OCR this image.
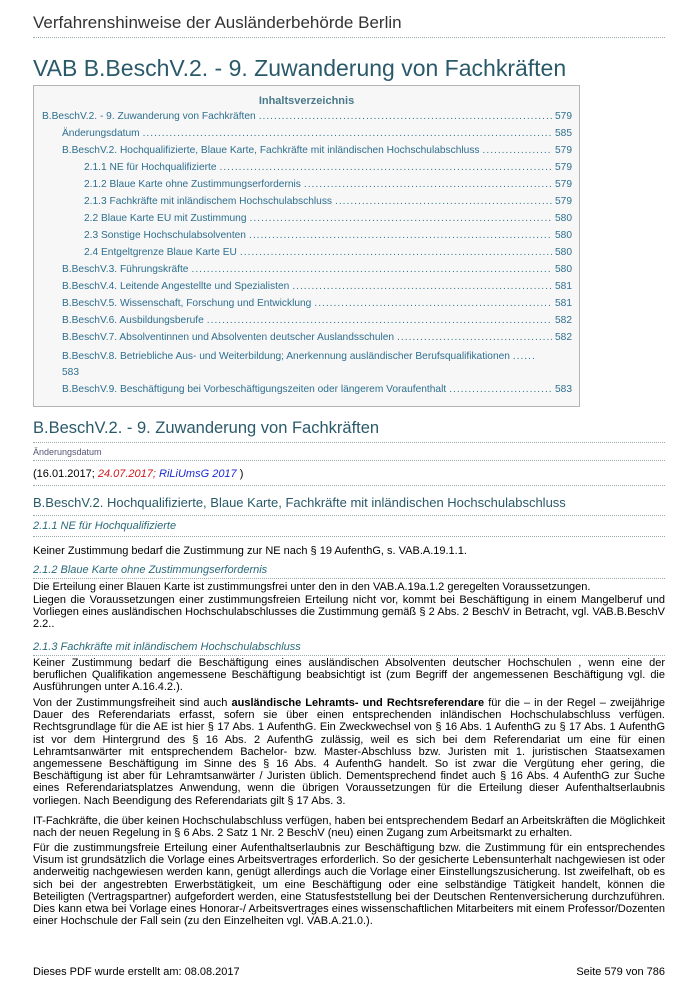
Verfahrenshinweise der Ausländerbehörde Berlin
VAB B.BeschV.2. - 9. Zuwanderung von Fachkräften
Inhaltsverzeichnis
B.BeschV.2. - 9. Zuwanderung von Fachkräften .....	579
Änderungsdatum .....	585
B.BeschV.2. Hochqualifizierte, Blaue Karte, Fachkräfte mit inländischen Hochschulabschluss .....	579
2.1.1 NE für Hochqualifizierte .....	579
2.1.2 Blaue Karte ohne Zustimmungserfordernis .....	579
2.1.3 Fachkräfte mit inländischem Hochschulabschluss .....	579
2.2 Blaue Karte EU mit Zustimmung .....	580
2.3 Sonstige Hochschulabsolventen .....	580
2.4 Entgeltgrenze Blaue Karte EU .....	580
B.BeschV.3. Führungskräfte .....	580
B.BeschV.4. Leitende Angestellte und Spezialisten .....	581
B.BeschV.5. Wissenschaft, Forschung und Entwicklung .....	581
B.BeschV.6. Ausbildungsberufe .....	582
B.BeschV.7. Absolventinnen und Absolventen deutscher Auslandsschulen .....	582
B.BeschV.8. Betriebliche Aus- und Weiterbildung; Anerkennung ausländischer Berufsqualifikationen ......
583
B.BeschV.9. Beschäftigung bei Vorbeschäftigungszeiten oder längerem Voraufenthalt .....	583
B.BeschV.2. - 9. Zuwanderung von Fachkräften
Änderungsdatum
(16.01.2017; 24.07.2017; RiLiUmsG 2017 )
B.BeschV.2. Hochqualifizierte, Blaue Karte, Fachkräfte mit inländischen Hochschulabschluss
2.1.1 NE für Hochqualifizierte
Keiner Zustimmung bedarf die Zustimmung zur NE nach § 19 AufenthG, s. VAB.A.19.1.1.
2.1.2 Blaue Karte ohne Zustimmungserfordernis
Die Erteilung einer Blauen Karte ist zustimmungsfrei unter den in den VAB.A.19a.1.2 geregelten Voraussetzungen.
Liegen die Voraussetzungen einer zustimmungsfreien Erteilung nicht vor, kommt bei Beschäftigung in einem Mangelberuf und Vorliegen eines ausländischen Hochschulabschlusses die Zustimmung gemäß § 2 Abs. 2 BeschV in Betracht, vgl. VAB.B.BeschV 2.2..
2.1.3 Fachkräfte mit inländischem Hochschulabschluss
Keiner Zustimmung bedarf die Beschäftigung eines ausländischen Absolventen deutscher Hochschulen , wenn eine der beruflichen Qualifikation angemessene Beschäftigung beabsichtigt ist (zum Begriff der angemessenen Beschäftigung vgl. die Ausführungen unter A.16.4.2.).
Von der Zustimmungsfreiheit sind auch ausländische Lehramts- und Rechtsreferendare für die – in der Regel – zweijährige Dauer des Referendariats erfasst, sofern sie über einen entsprechenden inländischen Hochschulabschluss verfügen. Rechtsgrundlage für die AE ist hier § 17 Abs. 1 AufenthG. Ein Zweckwechsel von § 16 Abs. 1 AufenthG zu § 17 Abs. 1 AufenthG ist vor dem Hintergrund des § 16 Abs. 2 AufenthG zulässig, weil es sich bei dem Referendariat um eine für einen Lehramtsanwärter mit entsprechendem Bachelor- bzw. Master-Abschluss bzw. Juristen mit 1. juristischen Staatsexamen angemessene Beschäftigung im Sinne des § 16 Abs. 4 AufenthG handelt. So ist zwar die Vergütung eher gering, die Beschäftigung ist aber für Lehramtsanwärter / Juristen üblich. Dementsprechend findet auch § 16 Abs. 4 AufenthG zur Suche eines Referendariatsplatzes Anwendung, wenn die übrigen Voraussetzungen für die Erteilung dieser Aufenthaltserlaubnis vorliegen. Nach Beendigung des Referendariats gilt § 17 Abs. 3.
IT-Fachkräfte, die über keinen Hochschulabschluss verfügen, haben bei entsprechendem Bedarf an Arbeitskräften die Möglichkeit nach der neuen Regelung in § 6 Abs. 2 Satz 1 Nr. 2 BeschV (neu) einen Zugang zum Arbeitsmarkt zu erhalten.
Für die zustimmungsfreie Erteilung einer Aufenthaltserlaubnis zur Beschäftigung bzw. die Zustimmung für ein entsprechendes Visum ist grundsätzlich die Vorlage eines Arbeitsvertrages erforderlich. So der gesicherte Lebensunterhalt nachgewiesen ist oder anderweitig nachgewiesen werden kann, genügt allerdings auch die Vorlage einer Einstellungszusicherung. Ist zweifelhaft, ob es sich bei der angestrebten Erwerbstätigkeit, um eine Beschäftigung oder eine selbständige Tätigkeit handelt, können die Beteiligten (Vertragspartner) aufgefordert werden, eine Statusfeststellung bei der Deutschen Rentenversicherung durchzuführen. Dies kann etwa bei Vorlage eines Honorar-/ Arbeitsvertrages eines wissenschaftlichen Mitarbeiters mit einem Professor/Dozenten einer Hochschule der Fall sein (zu den Einzelheiten vgl. VAB.A.21.0.).
Dieses PDF wurde erstellt am: 08.08.2017	Seite 579 von 786
